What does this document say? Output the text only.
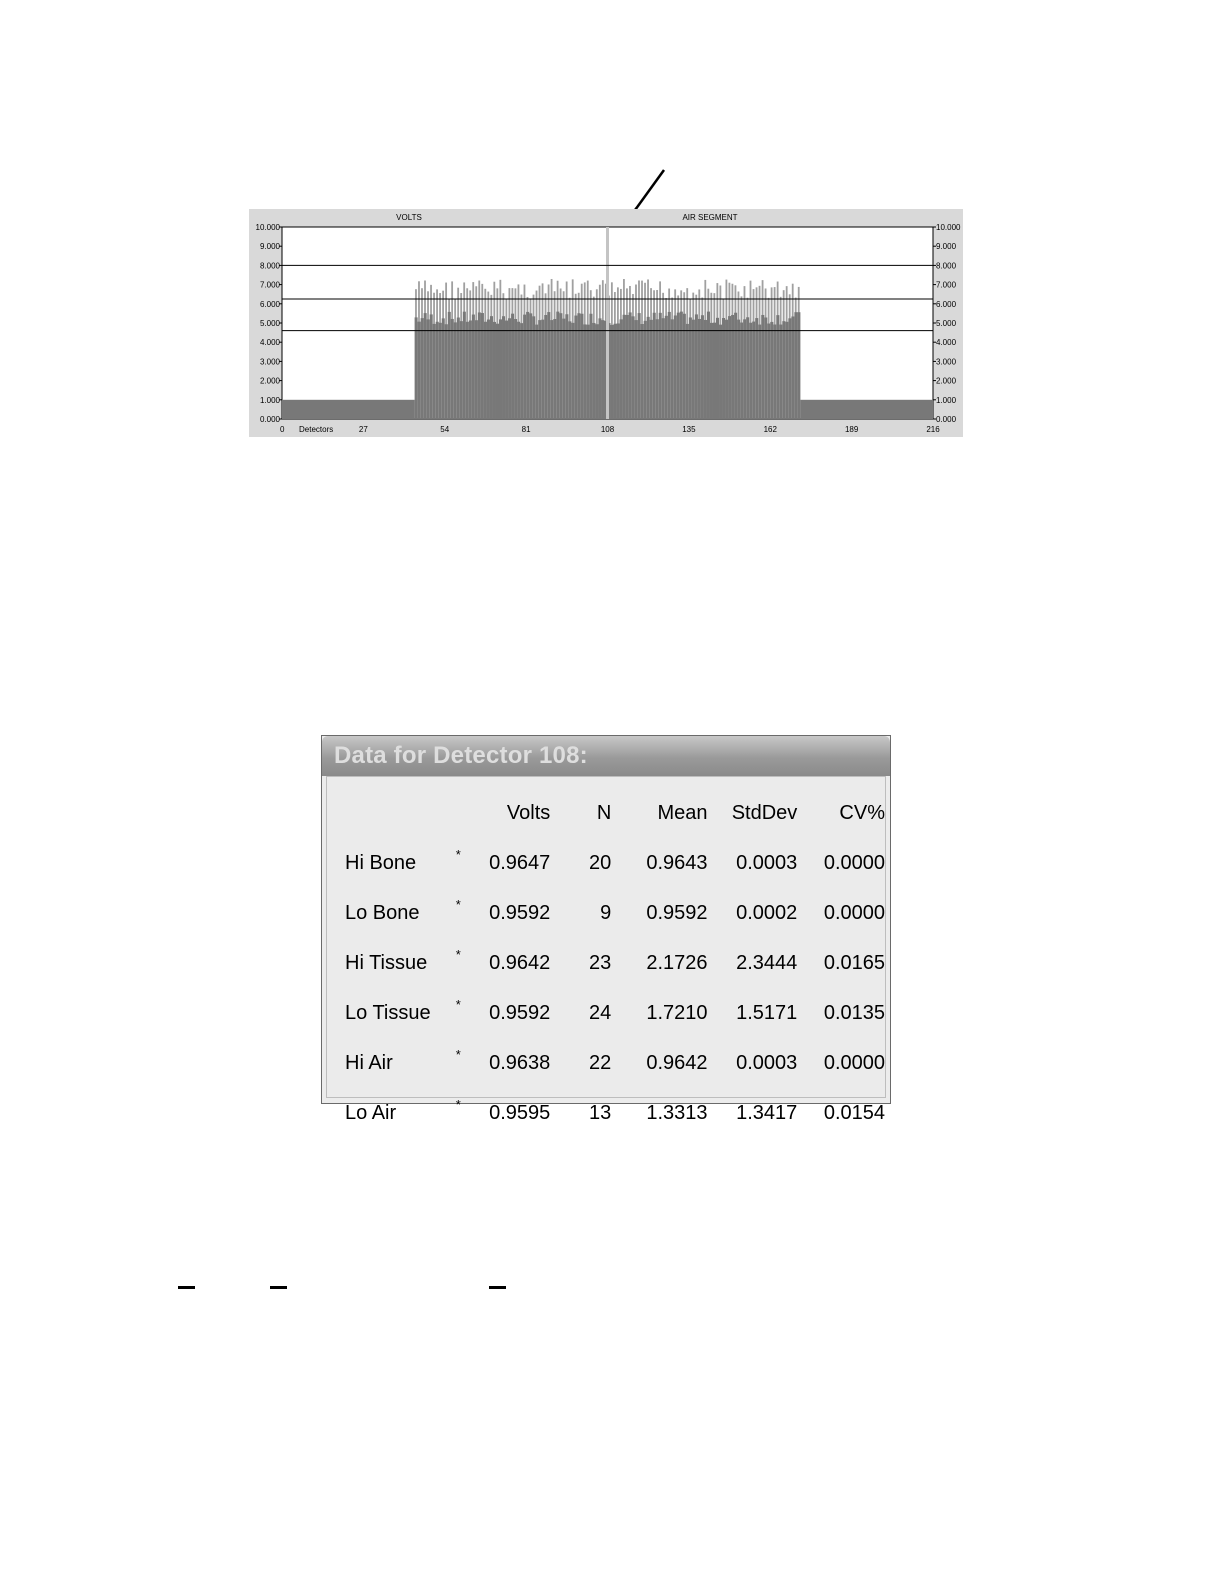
VOLTS	AIR SEGMENT
0.000
1.000
2.000
3.000
4.000
5.000
6.000
7.000
8.000
9.000
10.000
0.000
1.000
2.000
3.000
4.000
5.000
6.000
7.000
8.000
9.000
10.000
0	27	54	81	108	135	162	189	216
Detectors
Data for Detector 108:
		Volts	N	Mean	StdDev	CV%
Hi Bone	*	0.9647	20	0.9643	0.0003	0.0000
Lo Bone	*	0.9592	9	0.9592	0.0002	0.0000
Hi Tissue	*	0.9642	23	2.1726	2.3444	0.0165
Lo Tissue	*	0.9592	24	1.7210	1.5171	0.0135
Hi Air	*	0.9638	22	0.9642	0.0003	0.0000
Lo Air	*	0.9595	13	1.3313	1.3417	0.0154
